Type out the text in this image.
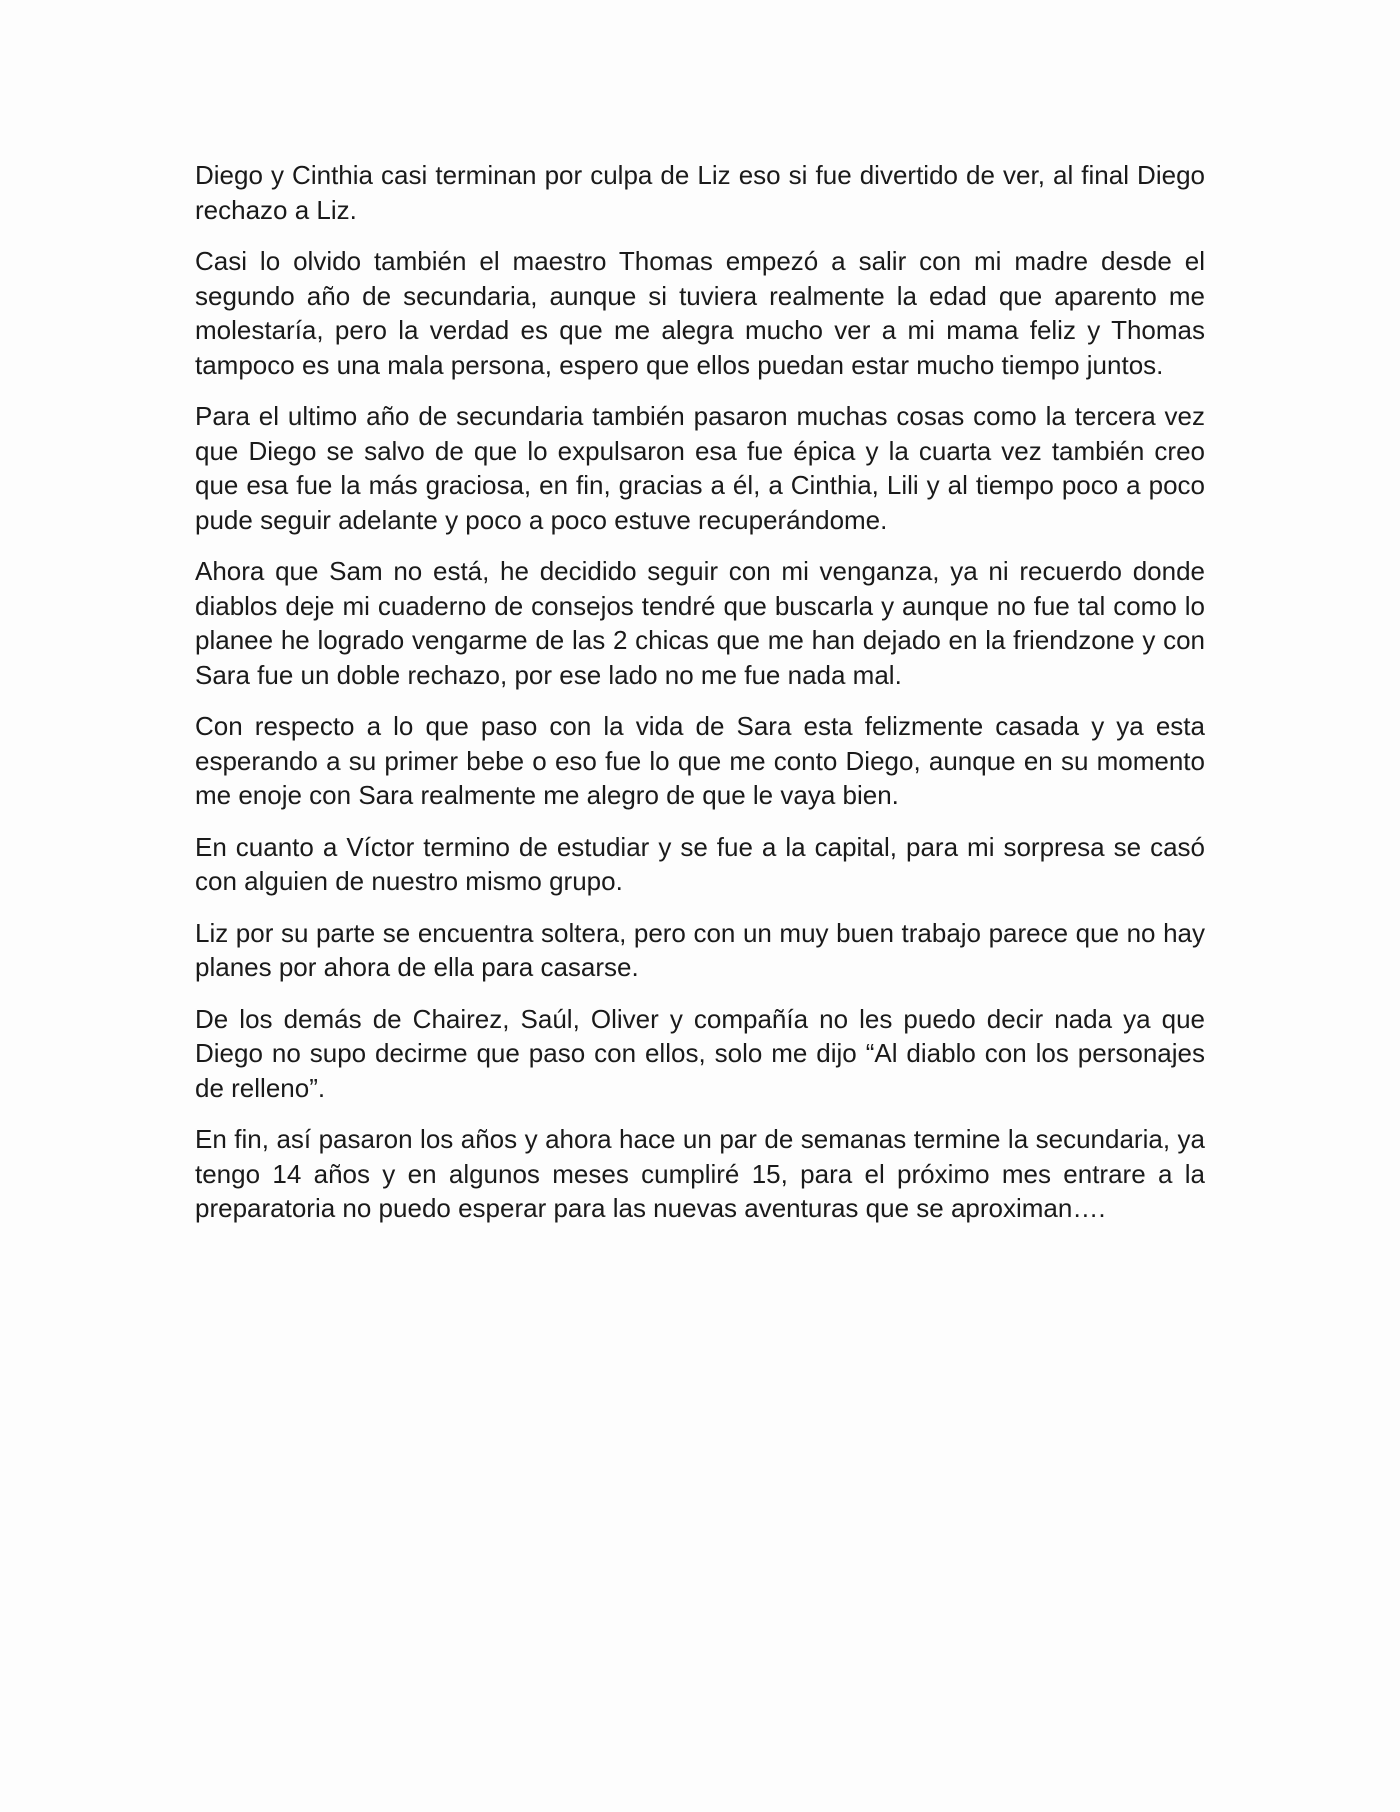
Diego y Cinthia casi terminan por culpa de Liz eso si fue divertido de ver, al final Diego rechazo a Liz.

Casi lo olvido también el maestro Thomas empezó a salir con mi madre desde el segundo año de secundaria, aunque si tuviera realmente la edad que aparento me molestaría, pero la verdad es que me alegra mucho ver a mi mama feliz y Thomas tampoco es una mala persona, espero que ellos puedan estar mucho tiempo juntos.

Para el ultimo año de secundaria también pasaron muchas cosas como la tercera vez que Diego se salvo de que lo expulsaron esa fue épica y la cuarta vez también creo que esa fue la más graciosa, en fin, gracias a él, a Cinthia, Lili y al tiempo poco a poco pude seguir adelante y poco a poco estuve recuperándome.

Ahora que Sam no está, he decidido seguir con mi venganza, ya ni recuerdo donde diablos deje mi cuaderno de consejos tendré que buscarla y aunque no fue tal como lo planee he logrado vengarme de las 2 chicas que me han dejado en la friendzone y con Sara fue un doble rechazo, por ese lado no me fue nada mal.

Con respecto a lo que paso con la vida de Sara esta felizmente casada y ya esta esperando a su primer bebe o eso fue lo que me conto Diego, aunque en su momento me enoje con Sara realmente me alegro de que le vaya bien.

En cuanto a Víctor termino de estudiar y se fue a la capital, para mi sorpresa se casó con alguien de nuestro mismo grupo.

Liz por su parte se encuentra soltera, pero con un muy buen trabajo parece que no hay planes por ahora de ella para casarse.

De los demás de Chairez, Saúl, Oliver y compañía no les puedo decir nada ya que Diego no supo decirme que paso con ellos, solo me dijo “Al diablo con los personajes de relleno”.

En fin, así pasaron los años y ahora hace un par de semanas termine la secundaria, ya tengo 14 años y en algunos meses cumpliré 15, para el próximo mes entrare a la preparatoria no puedo esperar para las nuevas aventuras que se aproximan….
